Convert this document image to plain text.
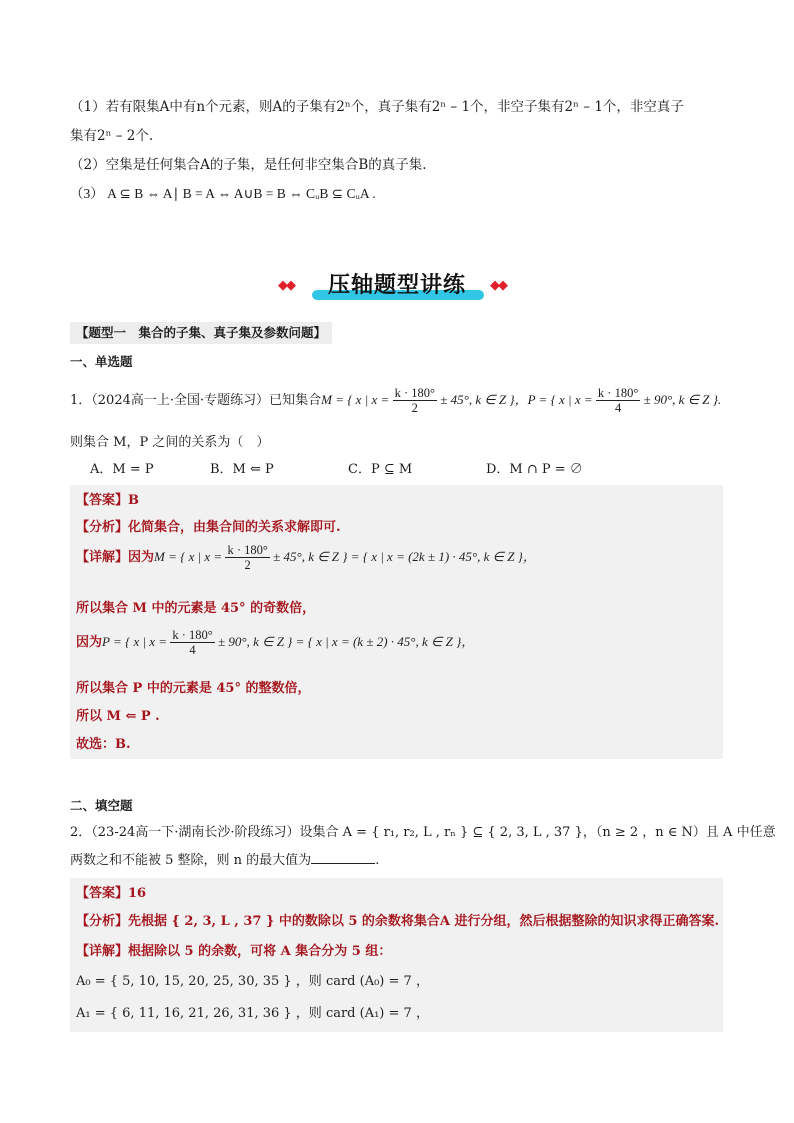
（1）若有限集A中有n个元素，则A的子集有2ⁿ个，真子集有2ⁿ – 1个，非空子集有2ⁿ – 1个，非空真子
集有2ⁿ – 2个.
（2）空集是任何集合A的子集，是任何非空集合B的真子集.
（3） A ⊆ B ⇔ A∣ B = A ⇔ A∪B = B ⇔ CᵤB ⊆ CᵤA .
◆◆ 压轴题型讲练 ◆◆
【题型一　集合的子集、真子集及参数问题】
一、单选题
1．（2024高一上·全国·专题练习）已知集合M = { x | $x = \frac{k \cdot 180^\circ}{2} \pm 45^\circ$, k ∈ Z }，P = { x | $x = \frac{k \cdot 180^\circ}{4} \pm 90^\circ$, k ∈ Z }.
则集合 M，P 之间的关系为（　）
A．M = P	B．M ⇐ P	C．P ⊆ M	D．M ∩ P = ∅
【答案】B
【分析】化简集合，由集合间的关系求解即可.
【详解】因为M = { x | $x = \frac{k \cdot 180^\circ}{2} \pm 45^\circ$, k ∈ Z } = { x | x = (2k ± 1) · 45°, k ∈ Z }，
所以集合 M 中的元素是 45° 的奇数倍，
因为P = { x | $x = \frac{k \cdot 180^\circ}{4} \pm 90^\circ$, k ∈ Z } = { x | x = (k ± 2) · 45°, k ∈ Z }，
所以集合 P 中的元素是 45° 的整数倍，
所以 M ⇐ P .
故选：B.
二、填空题
2．（23-24高一下·湖南长沙·阶段练习）设集合 A = { r₁, r₂, L , rₙ } ⊆ { 2, 3, L , 37 }，（n ≥ 2 ，n ∈ N）且 A 中任意
两数之和不能被 5 整除，则 n 的最大值为	.
【答案】16
【分析】先根据 { 2, 3, L , 37 } 中的数除以 5 的余数将集合A 进行分组，然后根据整除的知识求得正确答案.
【详解】根据除以 5 的余数，可将 A 集合分为 5 组：
A₀ = { 5, 10, 15, 20, 25, 30, 35 } ，则 card (A₀) = 7 ，
A₁ = { 6, 11, 16, 21, 26, 31, 36 } ，则 card (A₁) = 7 ，
